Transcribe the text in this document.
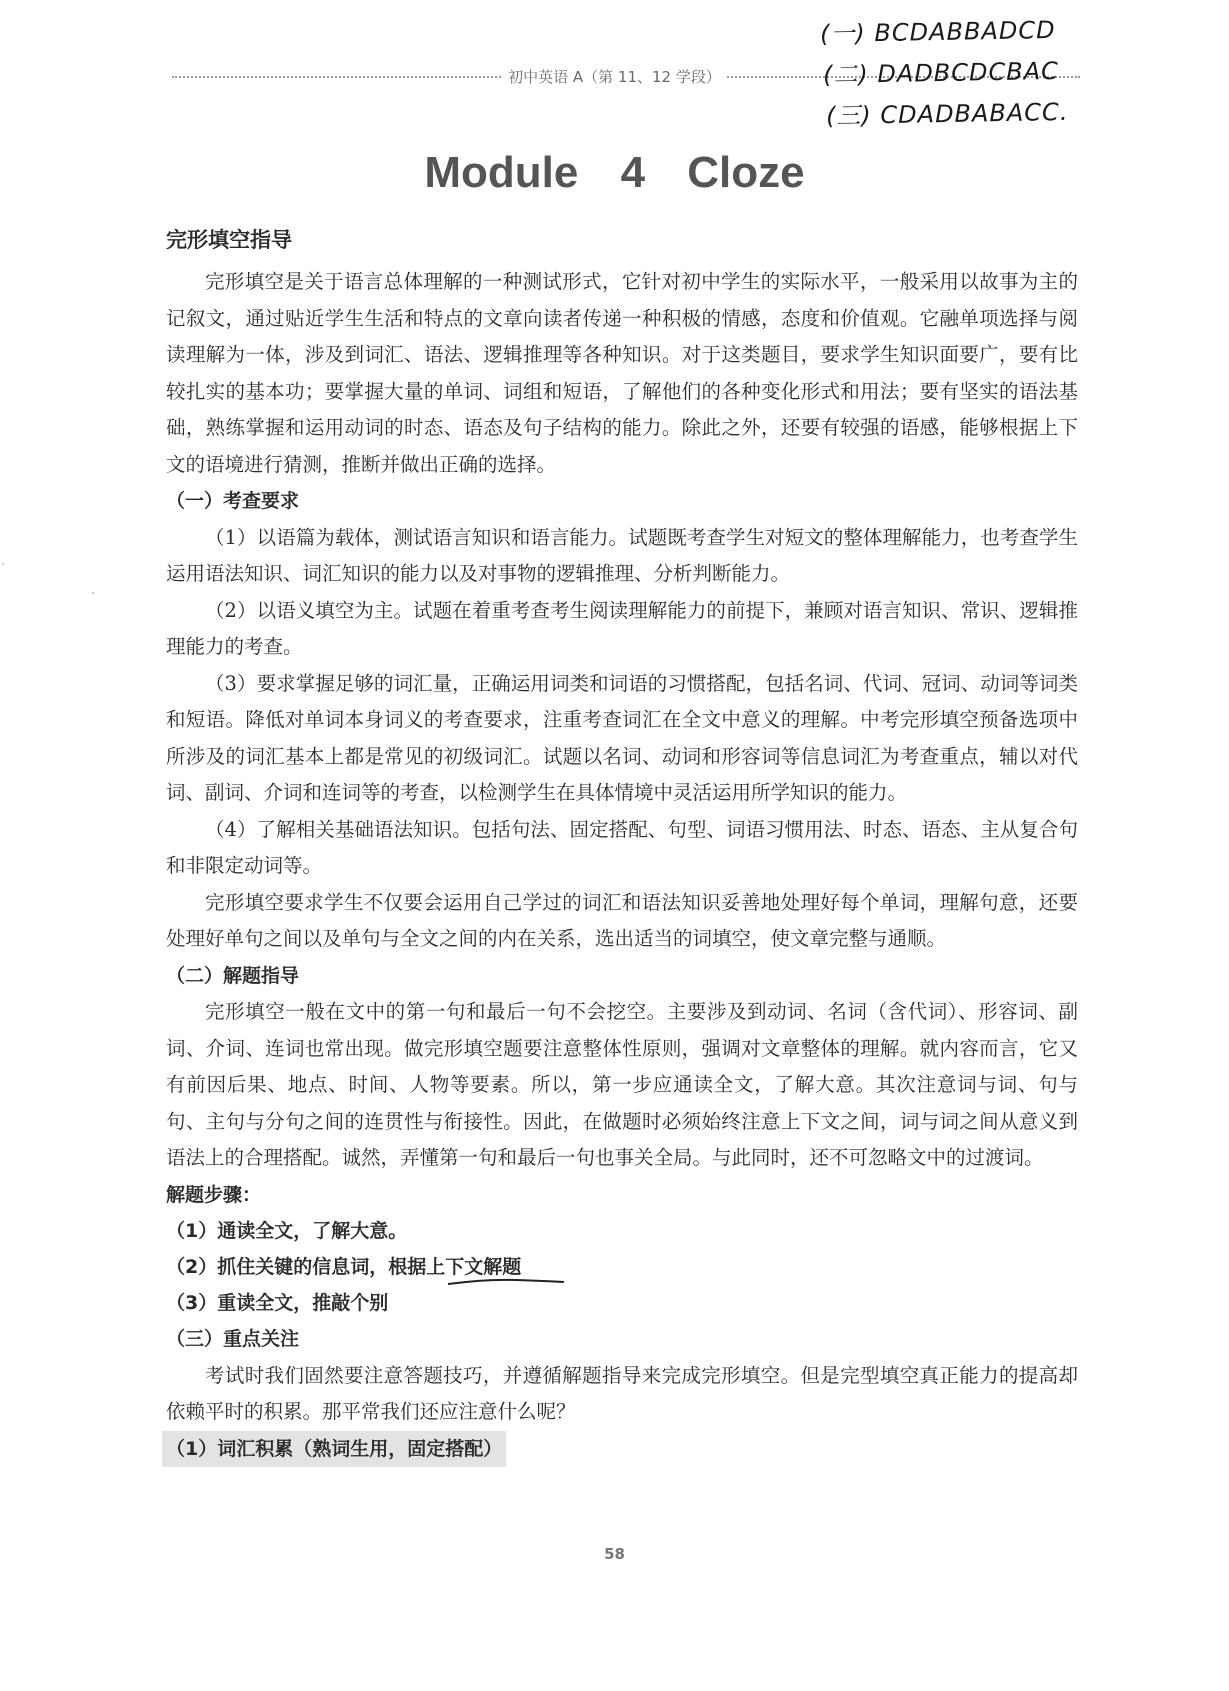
初中英语 A（第 11、12 学段）
(一) BCDABBADCD
(二) DADBCDCBAC
(三) CDADBABACC.
Module 4 Cloze
完形填空指导

完形填空是关于语言总体理解的一种测试形式，它针对初中学生的实际水平，一般采用以故事为主的记叙文，通过贴近学生生活和特点的文章向读者传递一种积极的情感，态度和价值观。它融单项选择与阅读理解为一体，涉及到词汇、语法、逻辑推理等各种知识。对于这类题目，要求学生知识面要广，要有比较扎实的基本功；要掌握大量的单词、词组和短语，了解他们的各种变化形式和用法；要有坚实的语法基础，熟练掌握和运用动词的时态、语态及句子结构的能力。除此之外，还要有较强的语感，能够根据上下文的语境进行猜测，推断并做出正确的选择。

（一）考查要求

（1）以语篇为载体，测试语言知识和语言能力。试题既考查学生对短文的整体理解能力，也考查学生运用语法知识、词汇知识的能力以及对事物的逻辑推理、分析判断能力。

（2）以语义填空为主。试题在着重考查考生阅读理解能力的前提下，兼顾对语言知识、常识、逻辑推理能力的考查。

（3）要求掌握足够的词汇量，正确运用词类和词语的习惯搭配，包括名词、代词、冠词、动词等词类和短语。降低对单词本身词义的考查要求，注重考查词汇在全文中意义的理解。中考完形填空预备选项中所涉及的词汇基本上都是常见的初级词汇。试题以名词、动词和形容词等信息词汇为考查重点，辅以对代词、副词、介词和连词等的考查，以检测学生在具体情境中灵活运用所学知识的能力。

（4）了解相关基础语法知识。包括句法、固定搭配、句型、词语习惯用法、时态、语态、主从复合句和非限定动词等。

完形填空要求学生不仅要会运用自己学过的词汇和语法知识妥善地处理好每个单词，理解句意，还要处理好单句之间以及单句与全文之间的内在关系，选出适当的词填空，使文章完整与通顺。

（二）解题指导

完形填空一般在文中的第一句和最后一句不会挖空。主要涉及到动词、名词（含代词）、形容词、副词、介词、连词也常出现。做完形填空题要注意整体性原则，强调对文章整体的理解。就内容而言，它又有前因后果、地点、时间、人物等要素。所以，第一步应通读全文，了解大意。其次注意词与词、句与句、主句与分句之间的连贯性与衔接性。因此，在做题时必须始终注意上下文之间，词与词之间从意义到语法上的合理搭配。诚然，弄懂第一句和最后一句也事关全局。与此同时，还不可忽略文中的过渡词。

解题步骤：

（1）通读全文，了解大意。

（2）抓住关键的信息词，根据上下文解题

（3）重读全文，推敲个别

（三）重点关注

考试时我们固然要注意答题技巧，并遵循解题指导来完成完形填空。但是完型填空真正能力的提高却依赖平时的积累。那平常我们还应注意什么呢？

（1）词汇积累（熟词生用，固定搭配）

58
